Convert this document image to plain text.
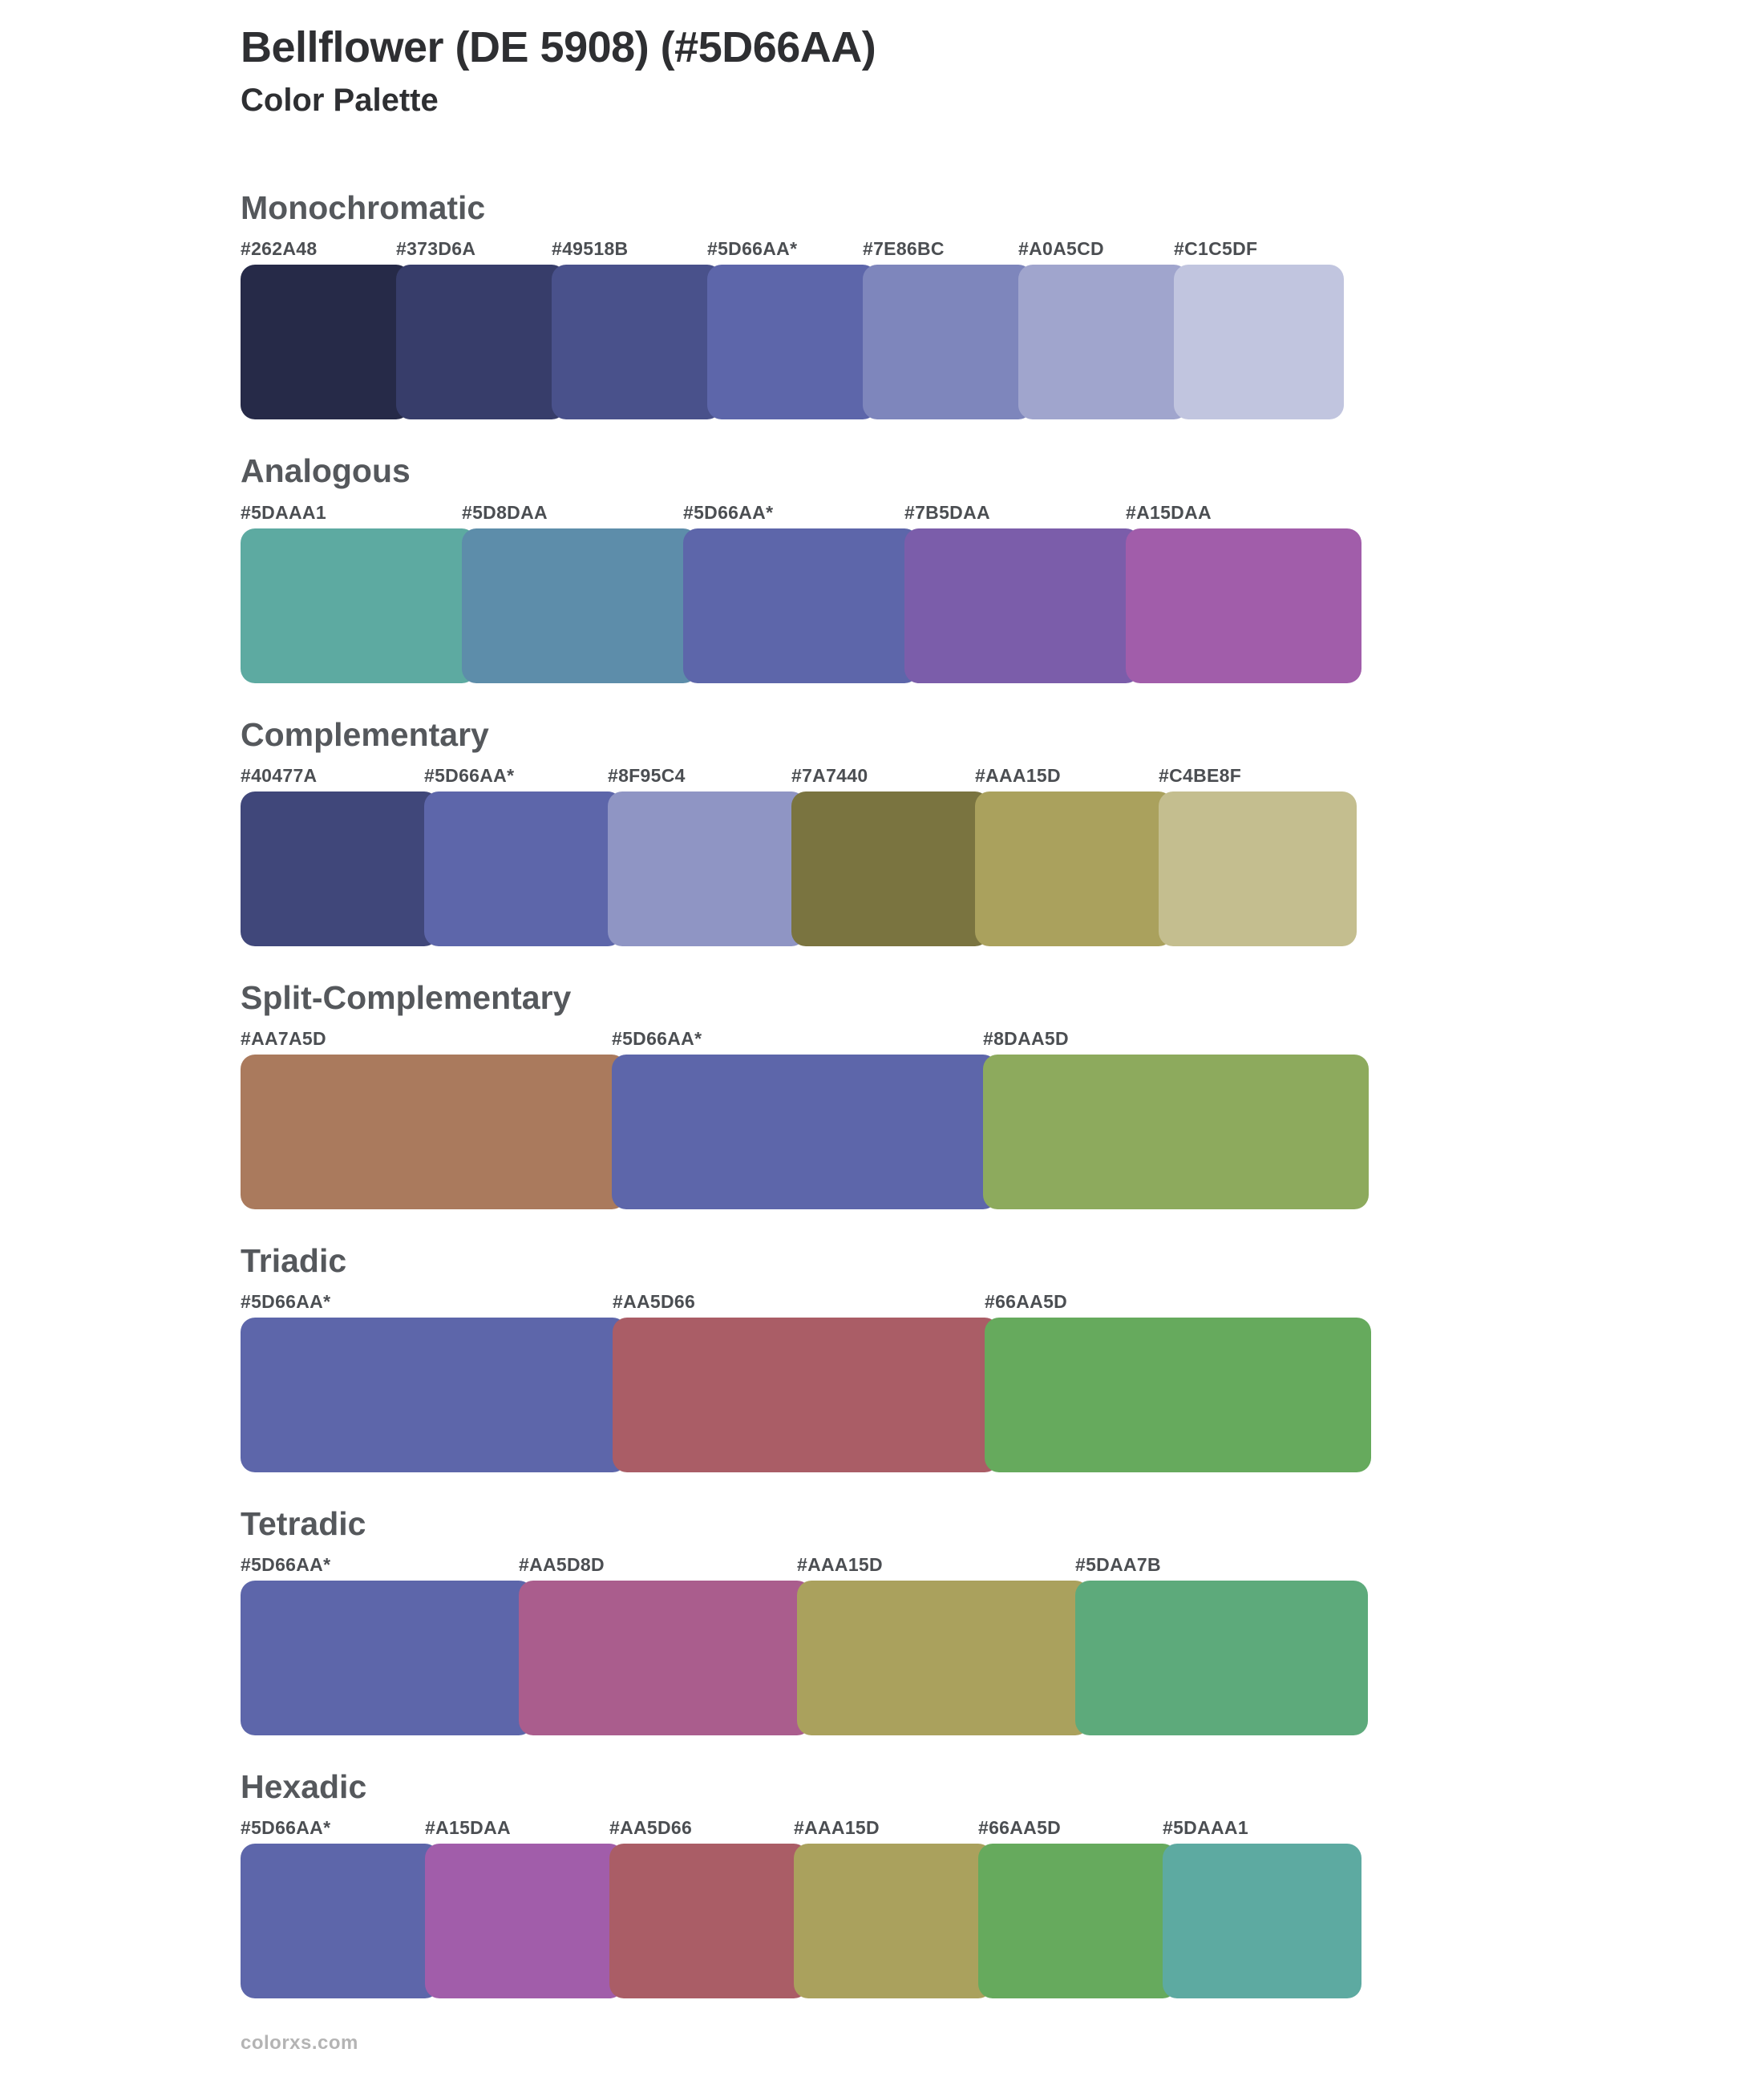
Bellflower (DE 5908) (#5D66AA)
Color Palette
Monochromatic
#262A48	#373D6A	#49518B	#5D66AA*	#7E86BC	#A0A5CD	#C1C5DF
Analogous
#5DAAA1	#5D8DAA	#5D66AA*	#7B5DAA	#A15DAA
Complementary
#40477A	#5D66AA*	#8F95C4	#7A7440	#AAA15D	#C4BE8F
Split-Complementary
#AA7A5D	#5D66AA*	#8DAA5D
Triadic
#5D66AA*	#AA5D66	#66AA5D
Tetradic
#5D66AA*	#AA5D8D	#AAA15D	#5DAA7B
Hexadic
#5D66AA*	#A15DAA	#AA5D66	#AAA15D	#66AA5D	#5DAAA1
colorxs.com
